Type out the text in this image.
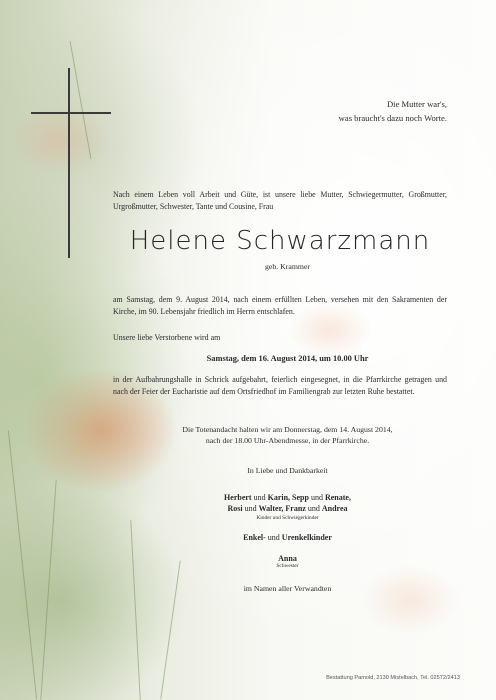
Die Mutter war's,
was braucht's dazu noch Worte.
Nach einem Leben voll Arbeit und Güte, ist unsere liebe Mutter, Schwiegermutter, Großmutter, Urgroßmutter, Schwester, Tante und Cousine, Frau
Helene Schwarzmann
geb. Krammer
am Samstag, dem 9. August 2014, nach einem erfüllten Leben, versehen mit den Sakramenten der Kirche, im 90. Lebensjahr friedlich im Herrn entschlafen.
Unsere liebe Verstorbene wird am
Samstag, dem 16. August 2014, um 10.00 Uhr
in der Aufbahrungshalle in Schrick aufgebahrt, feierlich eingesegnet, in die Pfarrkirche getragen und nach der Feier der Eucharistie auf dem Ortsfriedhof im Familiengrab zur letzten Ruhe bestattet.
Die Totenandacht halten wir am Donnerstag, dem 14. August 2014,
nach der 18.00 Uhr-Abendmesse, in der Pfarrkirche.
In Liebe und Dankbarkeit
Herbert und Karin, Sepp und Renate,
Rosi und Walter, Franz und Andrea
Kinder und Schwiegerkinder
Enkel- und Urenkelkinder
Anna
Schwester
im Namen aller Verwandten
Bestattung Pamold, 2130 Mistelbach, Tel. 02572/2413
